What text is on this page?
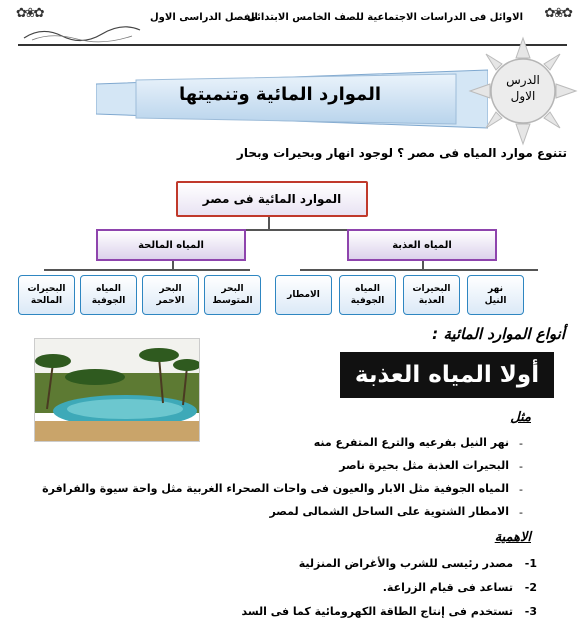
✿❀✿	✿❀✿
الاوائل فى الدراسات الاجتماعية للصف الخامس الابتدائى
الفصل الدراسى الاول
الموارد المائية وتنميتها
الدرس
الاول
تتنوع موارد المياه فى مصر ؟ لوجود انهار وبحيرات وبحار
الموارد المائية فى مصر
المياه العذبة
المياه المالحة
نهر
النيل
البحيرات
العذبة
المياه
الجوفية
الامطار
البحر
المتوسط
البحر
الاحمر
المياه
الجوفية
البحيرات
المالحة
أنواع الموارد المائية :
أولا المياه العذبة
مثل
-
نهر النيل بفرعيه والترع المتفرع منه
-
البحيرات العذبة مثل بحيرة ناصر
-
المياه الجوفية مثل الابار والعيون فى واحات الصحراء الغربية مثل واحة سيوة والفرافرة
-
الامطار الشتوية على الساحل الشمالى لمصر
الاهمية
1-
مصدر رئيسى للشرب والأغراض المنزلية
2-
تساعد فى قيام الزراعة.
3-
تستخدم فى إنتاج الطاقة الكهرومائية كما فى السد
